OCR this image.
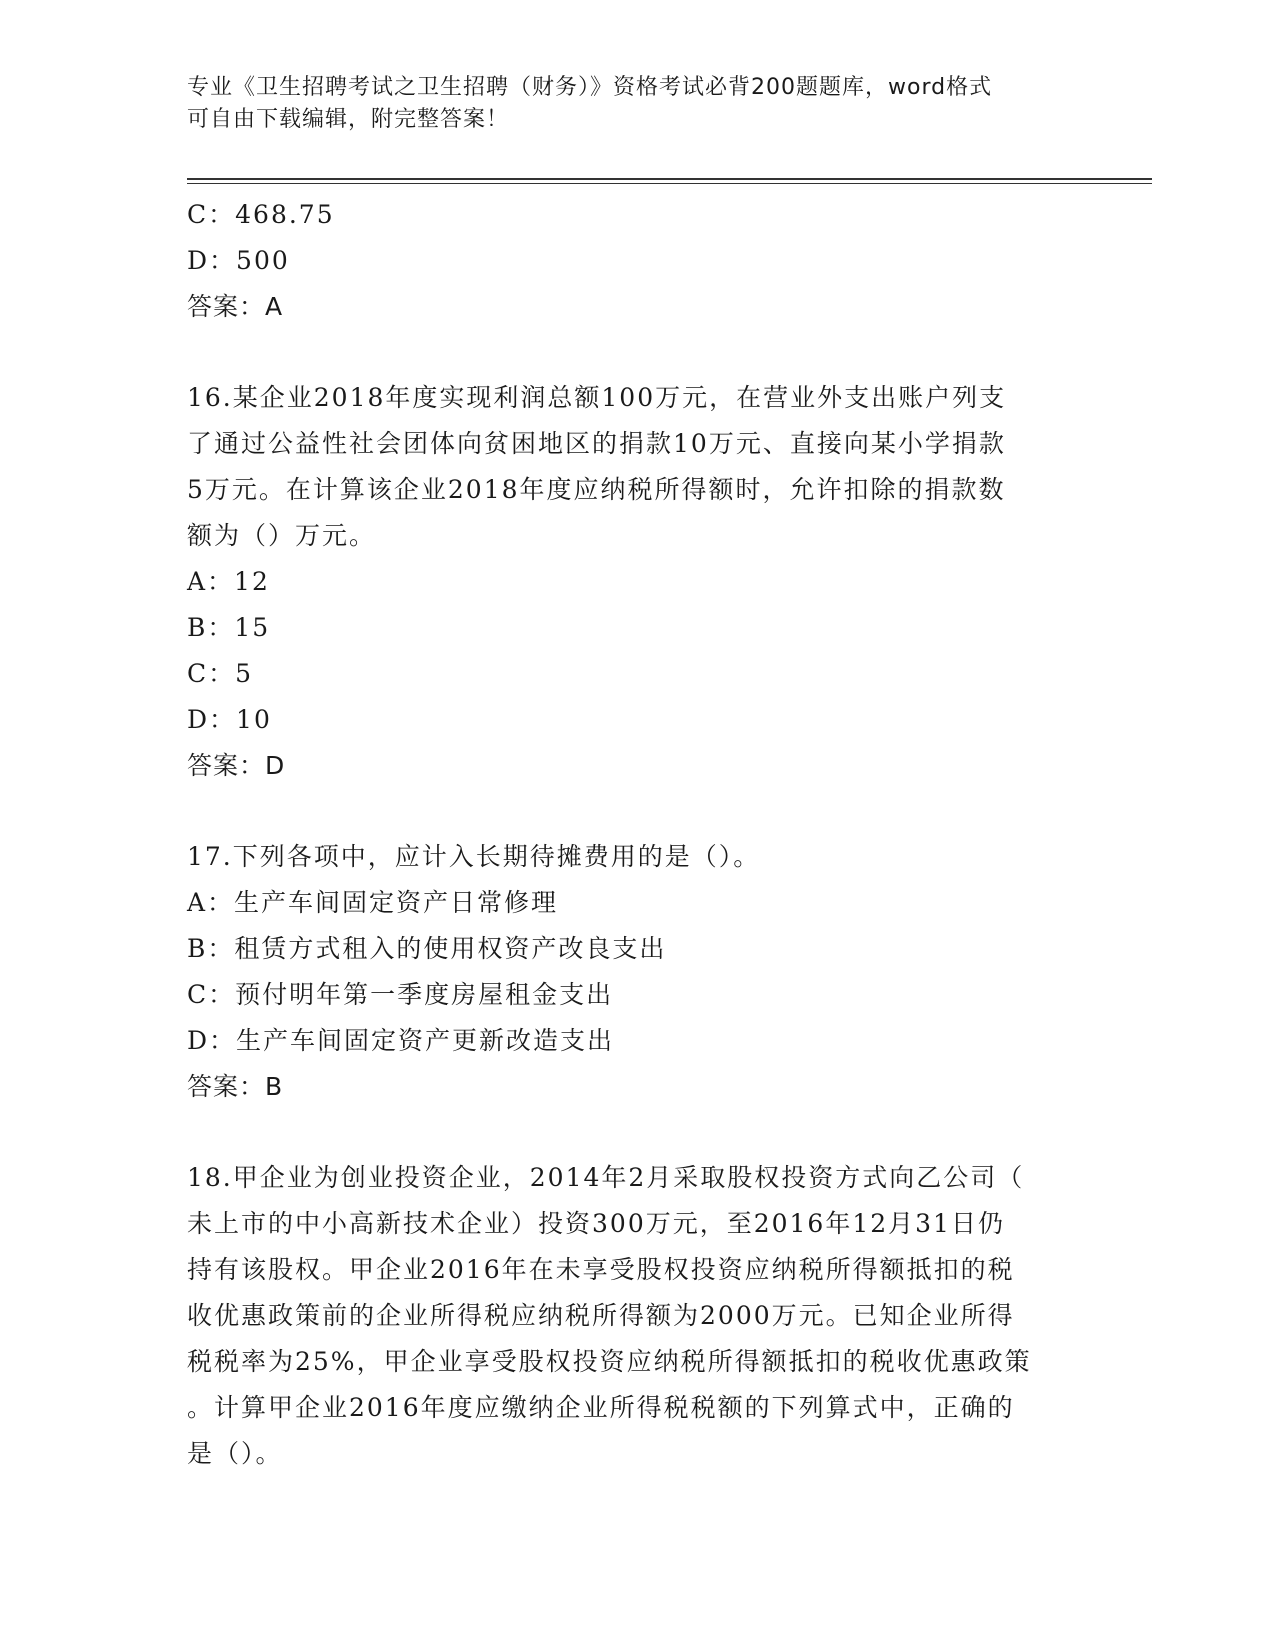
专业《卫生招聘考试之卫生招聘（财务）》资格考试必背200题题库，word格式
可自由下载编辑，附完整答案！
C：468.75
D：500
答案：A
16.某企业2018年度实现利润总额100万元，在营业外支出账户列支
了通过公益性社会团体向贫困地区的捐款10万元、直接向某小学捐款
5万元。在计算该企业2018年度应纳税所得额时，允许扣除的捐款数
额为（）万元。
A：12
B：15
C：5
D：10
答案：D
17.下列各项中，应计入长期待摊费用的是（）。
A：生产车间固定资产日常修理
B：租赁方式租入的使用权资产改良支出
C：预付明年第一季度房屋租金支出
D：生产车间固定资产更新改造支出
答案：B
18.甲企业为创业投资企业，2014年2月采取股权投资方式向乙公司（
未上市的中小高新技术企业）投资300万元，至2016年12月31日仍
持有该股权。甲企业2016年在未享受股权投资应纳税所得额抵扣的税
收优惠政策前的企业所得税应纳税所得额为2000万元。已知企业所得
税税率为25%，甲企业享受股权投资应纳税所得额抵扣的税收优惠政策
。计算甲企业2016年度应缴纳企业所得税税额的下列算式中，正确的
是（）。
